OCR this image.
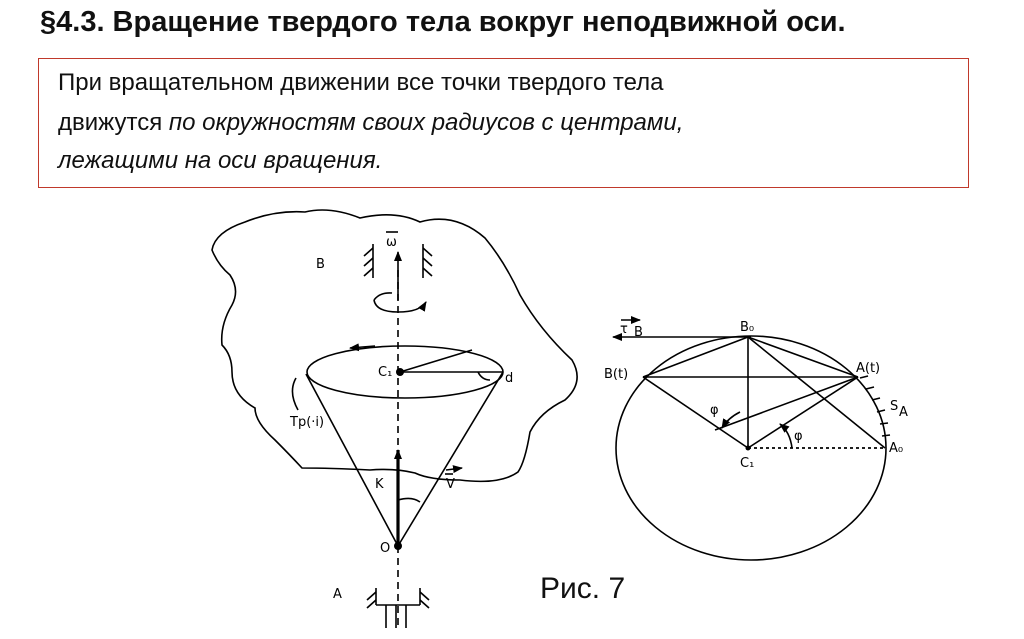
§4.3. Вращение твердого тела вокруг неподвижной оси.
При вращательном движении все точки твердого тела
движутся по окружностям своих радиусов с центрами,
лежащими на оси вращения.
ω
B
C₁	d
Тр(·i)
K
O
V
A
τ B	B₀
B(t)	A(t)
S A
A₀
C₁
φ
φ
Рис. 7
